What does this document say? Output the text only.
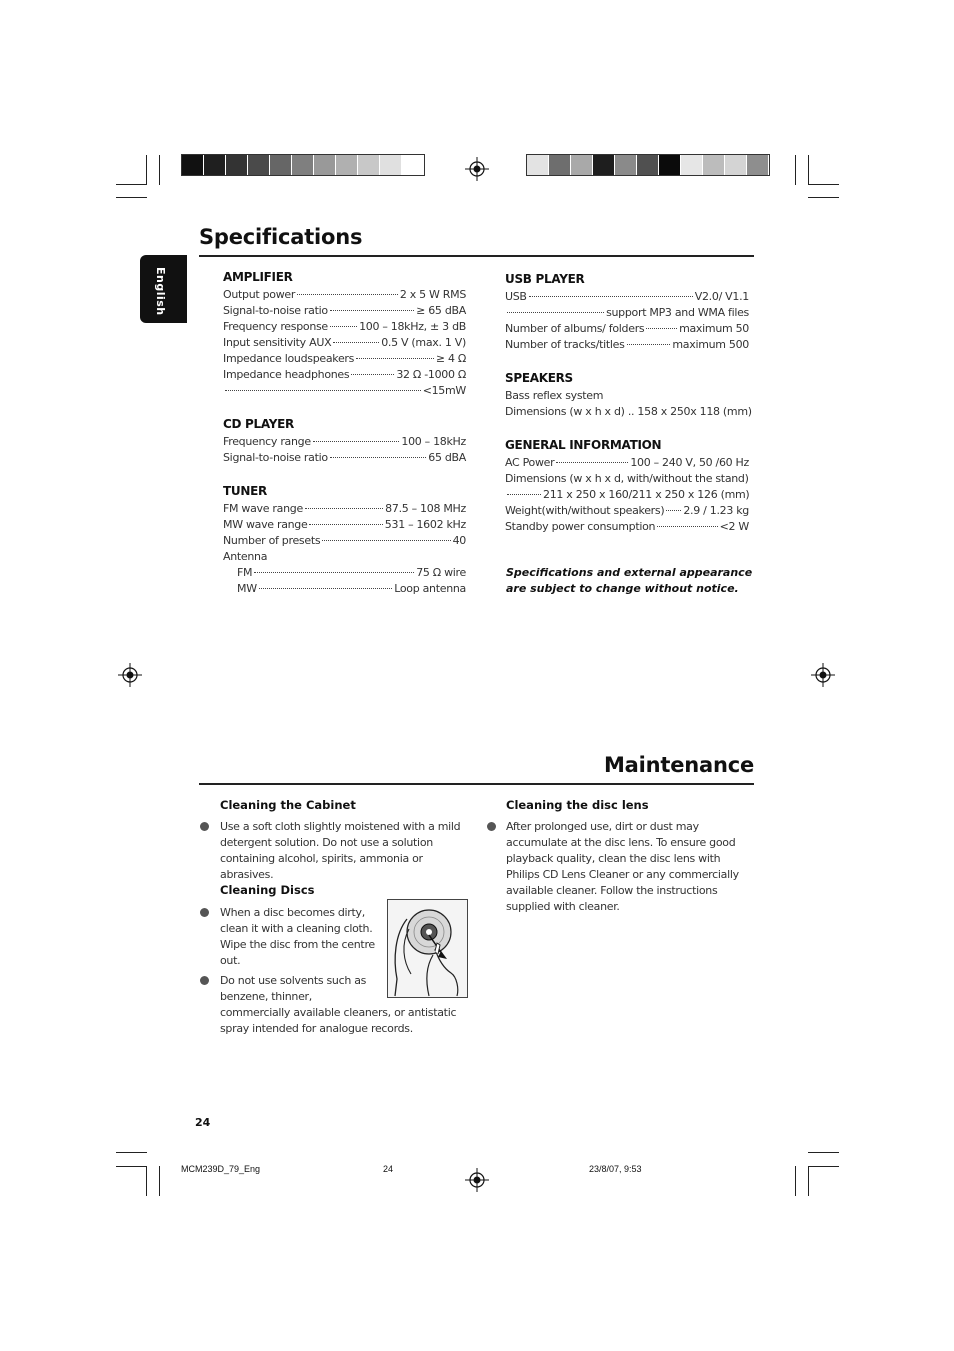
Specifications
English	AMPLIFIER
Output power	2 x 5 W RMS
Signal-to-noise ratio	≥ 65 dBA
Frequency response	100 – 18kHz, ± 3 dB
Input sensitivity AUX	0.5 V (max. 1 V)
Impedance loudspeakers	≥ 4 Ω
Impedance headphones	32 Ω -1000 Ω
<15mW
CD PLAYER
Frequency range	100 – 18kHz
Signal-to-noise ratio	65 dBA
TUNER
FM wave range	87.5 – 108 MHz
MW wave range	531 – 1602 kHz
Number of presets	40
Antenna
FM	75 Ω wire
MW	Loop antenna
USB PLAYER
USB	V2.0/ V1.1
support MP3 and WMA files
Number of albums/ folders	maximum 50
Number of tracks/titles	maximum 500
SPEAKERS
Bass reflex system
Dimensions (w x h x d) .. 158 x 250x 118 (mm)
GENERAL INFORMATION
AC Power	100 – 240 V, 50 /60 Hz
Dimensions (w x h x d, with/without the stand)
211 x 250 x 160/211 x 250 x 126 (mm)
Weight(with/without speakers) 2.9 / 1.23 kg
Standby power consumption	<2 W
Specifications and external appearance are subject to change without notice.
Maintenance
Cleaning the Cabinet
Use a soft cloth slightly moistened with a mild detergent solution. Do not use a solution containing alcohol, spirits, ammonia or abrasives.
Cleaning Discs
When a disc becomes dirty, clean it with a cleaning cloth. Wipe the disc from the centre out.
Do not use solvents such as benzene, thinner, commercially available cleaners, or antistatic spray intended for analogue records.
Cleaning the disc lens
After prolonged use, dirt or dust may accumulate at the disc lens. To ensure good playback quality, clean the disc lens with Philips CD Lens Cleaner or any commercially available cleaner. Follow the instructions supplied with cleaner.
24
MCM239D_79_Eng	24	23/8/07, 9:53
